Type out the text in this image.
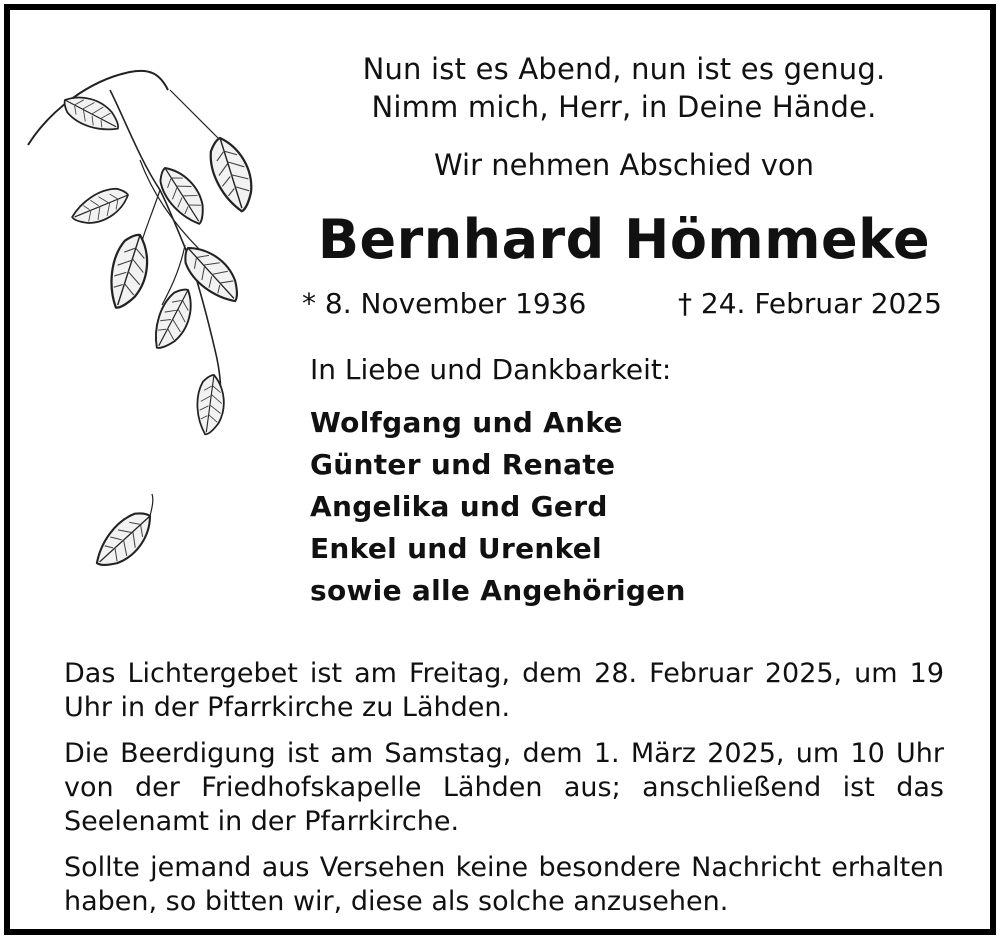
Nun ist es Abend, nun ist es genug.
Nimm mich, Herr, in Deine Hände.
Wir nehmen Abschied von
Bernhard Hömmeke
* 8. November 1936	† 24. Februar 2025
In Liebe und Dankbarkeit:
Wolfgang und Anke
Günter und Renate
Angelika und Gerd
Enkel und Urenkel
sowie alle Angehörigen

Das Lichtergebet ist am Freitag, dem 28. Februar 2025, um 19 Uhr in der Pfarrkirche zu Lähden.

Die Beerdigung ist am Samstag, dem 1. März 2025, um 10 Uhr von der Friedhofskapelle Lähden aus; anschließend ist das Seelenamt in der Pfarrkirche.

Sollte jemand aus Versehen keine besondere Nachricht erhalten haben, so bitten wir, diese als solche anzusehen.
